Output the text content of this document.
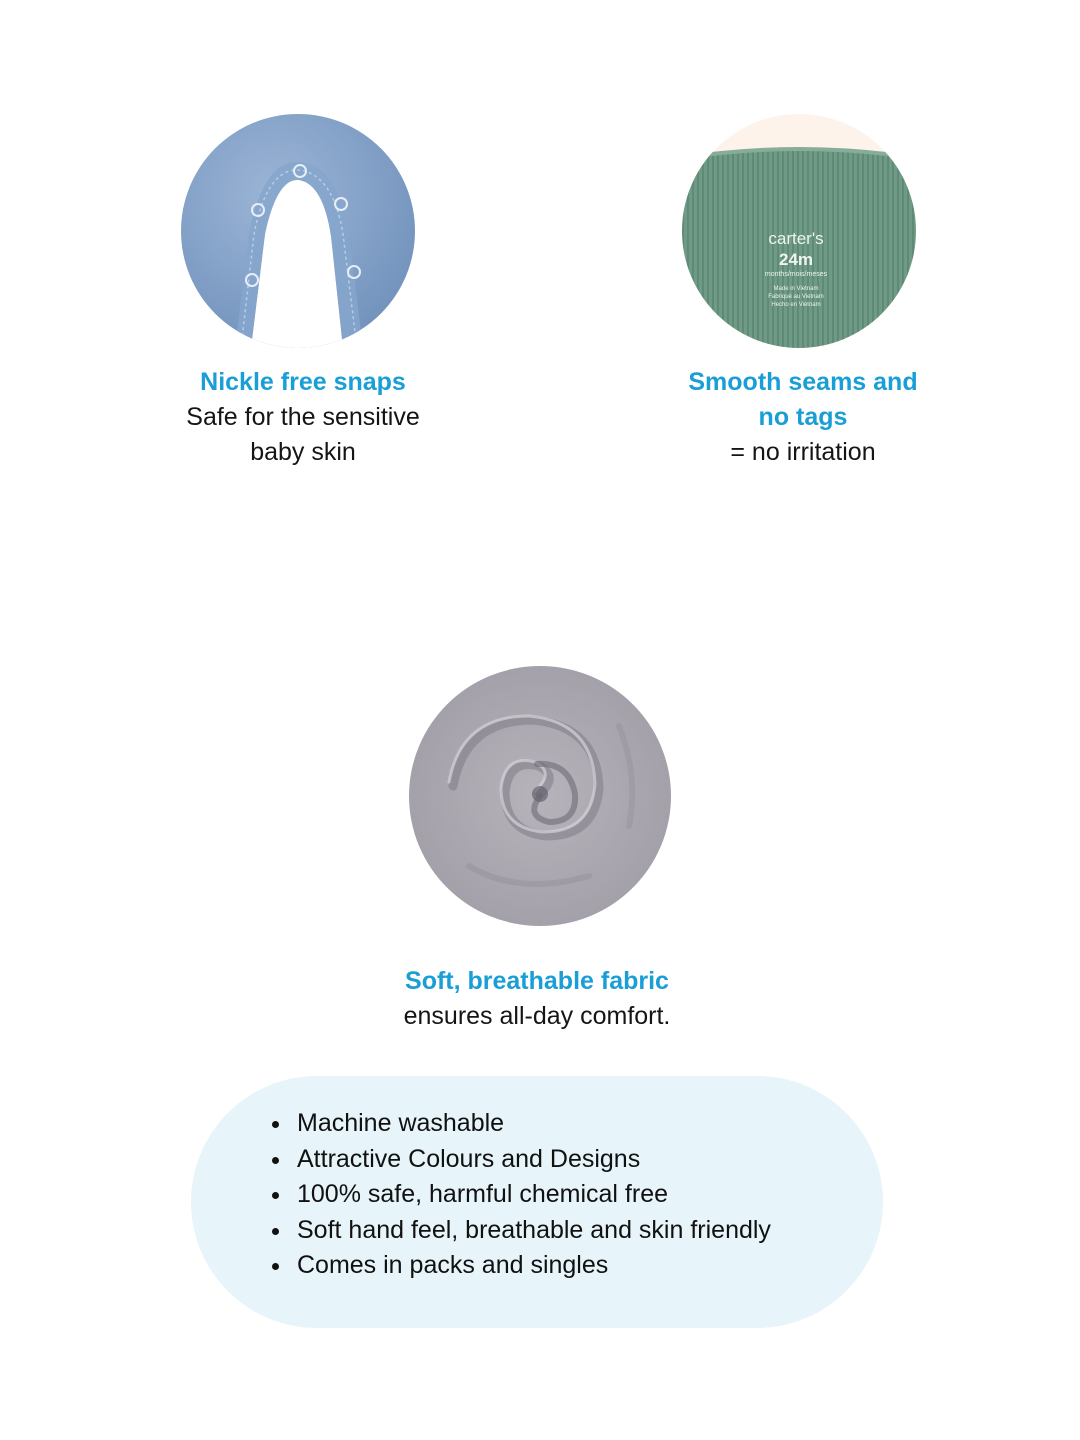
Nickle free snaps
Safe for the sensitive
baby skin
carter's
24m
months/mois/meses
Made in Vietnam
Fabriqué au Vietnam
Hecho en Vietnam
Smooth seams and
no tags
= no irritation
Soft, breathable fabric
ensures all-day comfort.
Machine washable
Attractive Colours and Designs
100% safe, harmful chemical free
Soft hand feel, breathable and skin friendly
Comes in packs and singles
